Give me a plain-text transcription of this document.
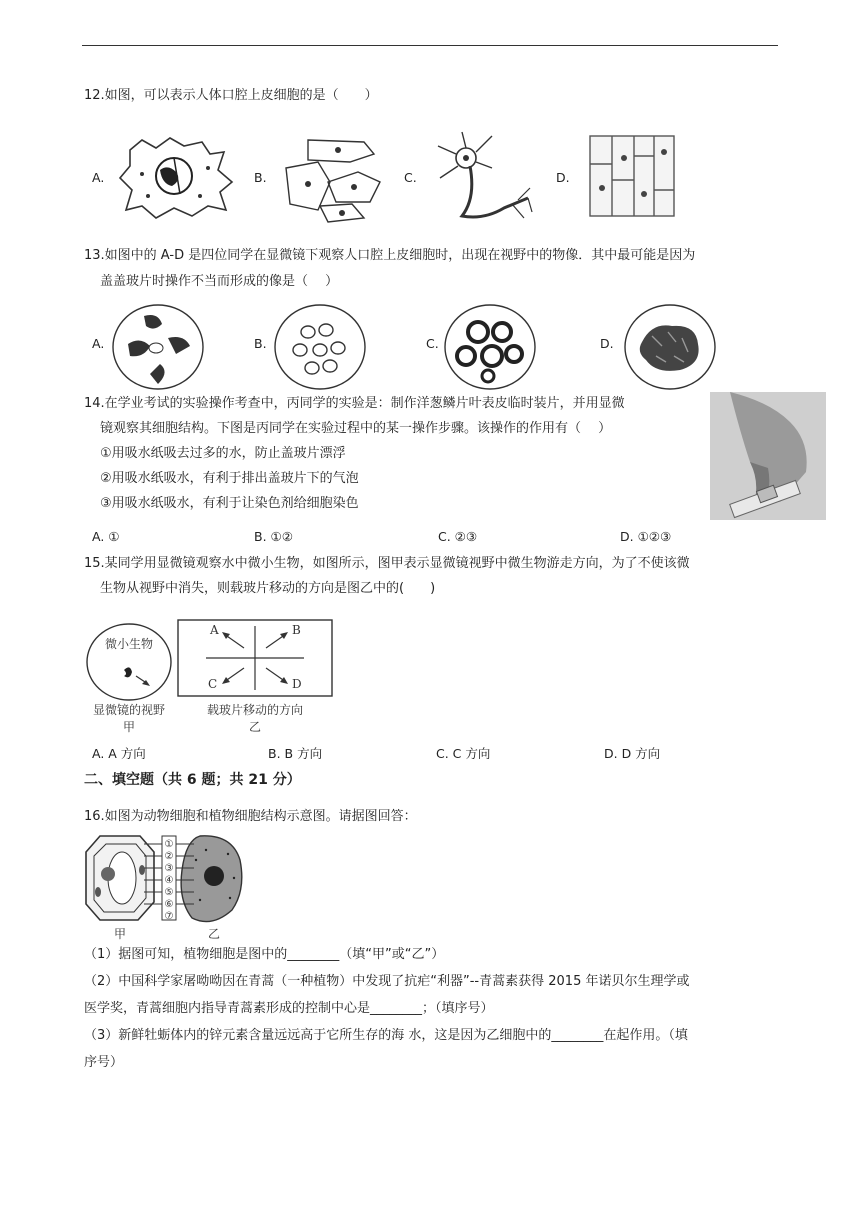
12.如图，可以表示人体口腔上皮细胞的是（　　）
A.	B.	C.	D.
13.如图中的 A-D 是四位同学在显微镜下观察人口腔上皮细胞时，出现在视野中的物像．其中最可能是因为
盖盖玻片时操作不当而形成的像是（　 ）
A.	B.	C.	D.
14.在学业考试的实验操作考查中，丙同学的实验是：制作洋葱鳞片叶表皮临时装片，并用显微
镜观察其细胞结构。下图是丙同学在实验过程中的某一操作步骤。该操作的作用有（　 ）
①用吸水纸吸去过多的水，防止盖玻片漂浮
②用吸水纸吸水，有利于排出盖玻片下的气泡
③用吸水纸吸水，有利于让染色剂给细胞染色
A. ①	B. ①②	C. ②③	D. ①②③
15.某同学用显微镜观察水中微小生物，如图所示，图甲表示显微镜视野中微生物游走方向，为了不使该微
生物从视野中消失，则载玻片移动的方向是图乙中的(　　)
微小生物
显微镜的视野
甲
A	B
C	D
载玻片移动的方向
乙
A. A 方向	B. B 方向	C. C 方向	D. D 方向
二、填空题（共 6 题；共 21 分）
16.如图为动物细胞和植物细胞结构示意图。请据图回答：
①
②
③
④
⑤
⑥
⑦
甲	乙
（1）据图可知，植物细胞是图中的________（填“甲”或“乙”）
（2）中国科学家屠呦呦因在青蒿（一种植物）中发现了抗疟“利器”--青蒿素获得 2015 年诺贝尔生理学或
医学奖，青蒿细胞内指导青蒿素形成的控制中心是________；（填序号）
（3）新鲜牡蛎体内的锌元素含量远远高于它所生存的海 水，这是因为乙细胞中的________在起作用。（填
序号）
